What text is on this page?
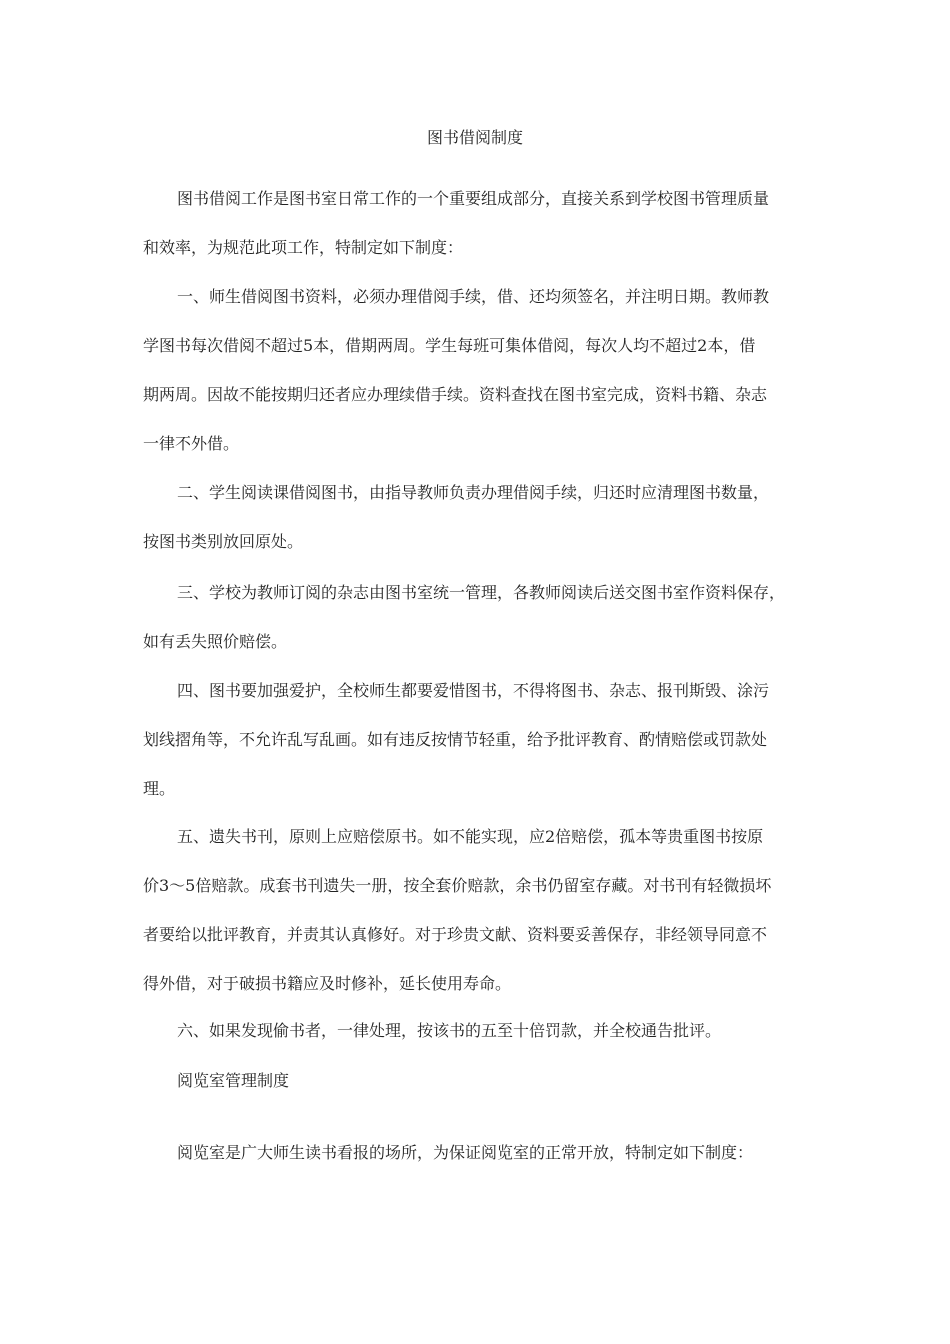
图书借阅制度

图书借阅工作是图书室日常工作的一个重要组成部分，直接关系到学校图书管理质量
和效率，为规范此项工作，特制定如下制度：

一、师生借阅图书资料，必须办理借阅手续，借、还均须签名，并注明日期。教师教
学图书每次借阅不超过5本，借期两周。学生每班可集体借阅，每次人均不超过2本，借
期两周。因故不能按期归还者应办理续借手续。资料查找在图书室完成，资料书籍、杂志
一律不外借。

二、学生阅读课借阅图书，由指导教师负责办理借阅手续，归还时应清理图书数量，
按图书类别放回原处。

三、学校为教师订阅的杂志由图书室统一管理，各教师阅读后送交图书室作资料保存，
如有丢失照价赔偿。

四、图书要加强爱护，全校师生都要爱惜图书，不得将图书、杂志、报刊斯毁、涂污
划线摺角等，不允许乱写乱画。如有违反按情节轻重，给予批评教育、酌情赔偿或罚款处
理。

五、遗失书刊，原则上应赔偿原书。如不能实现，应2倍赔偿，孤本等贵重图书按原
价3～5倍赔款。成套书刊遗失一册，按全套价赔款，余书仍留室存藏。对书刊有轻微损坏
者要给以批评教育，并责其认真修好。对于珍贵文献、资料要妥善保存，非经领导同意不
得外借，对于破损书籍应及时修补，延长使用寿命。

六、如果发现偷书者，一律处理，按该书的五至十倍罚款，并全校通告批评。

阅览室管理制度

阅览室是广大师生读书看报的场所，为保证阅览室的正常开放，特制定如下制度：
